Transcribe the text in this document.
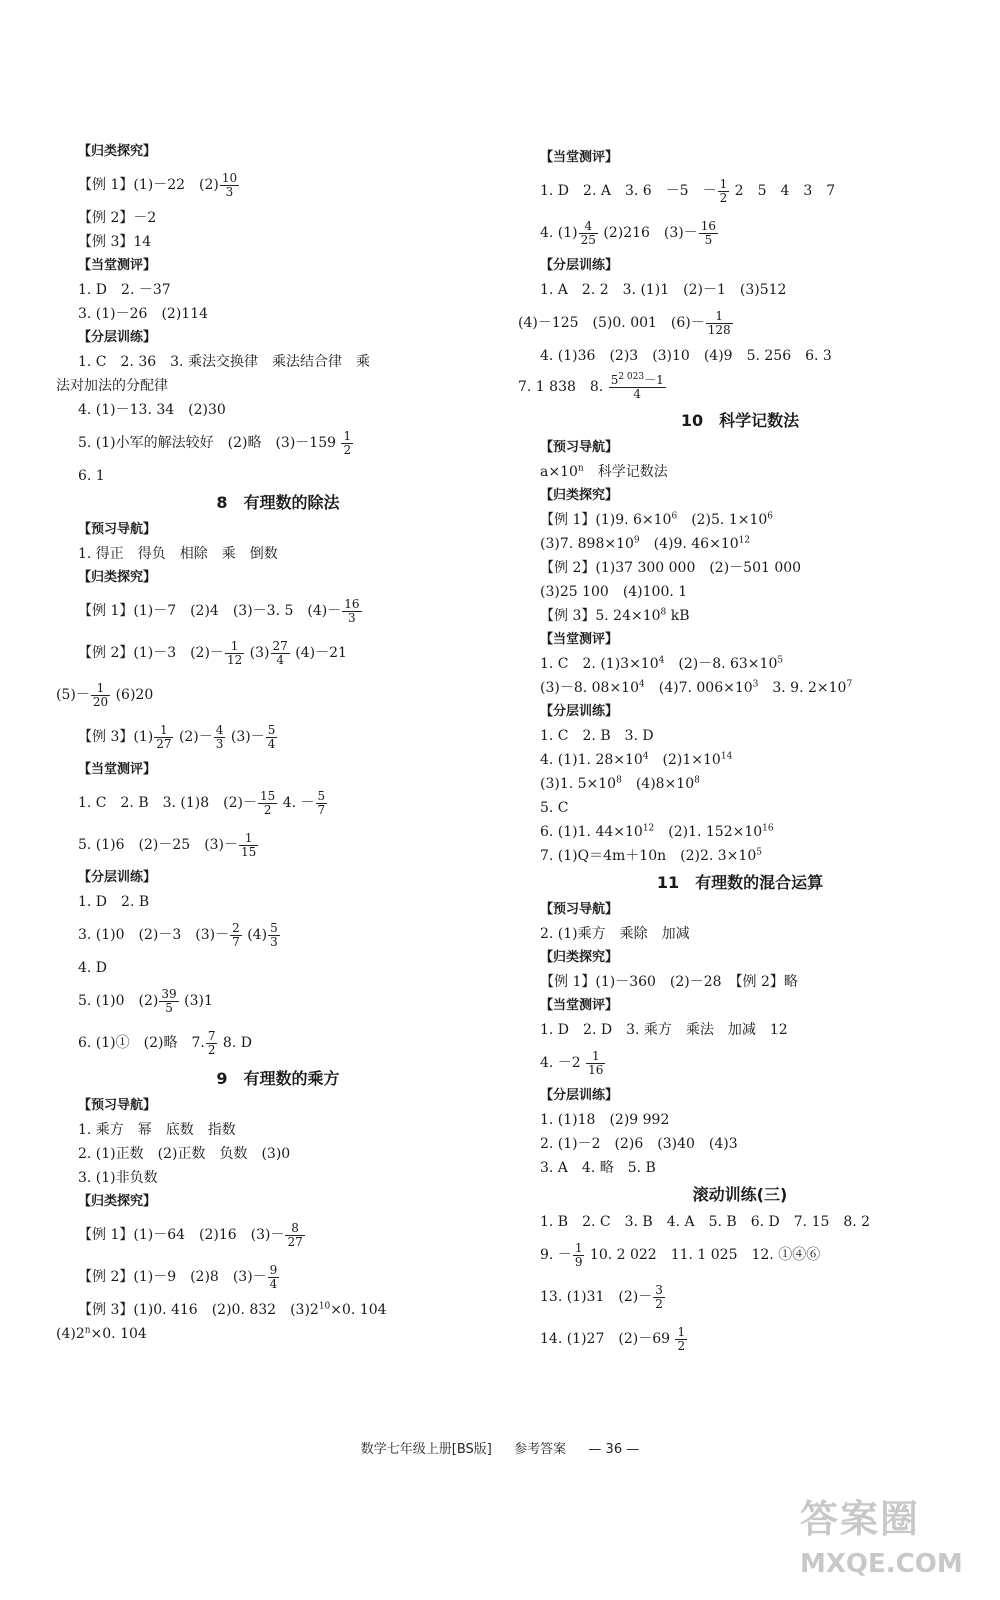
【归类探究】
【例 1】(1)－22　$(2) \frac{10}{3}$
【例 2】－2
【例 3】14
【当堂测评】
1. D　2. －37
3. (1)－26　(2)114
【分层训练】
1. C　2. 36　3. 乘法交换律　乘法结合律　乘
法对加法的分配律
4. (1)－13. 34　(2)30
5. (1)小军的解法较好　(2)略　$(3)-159 \frac{1}{2}$
6. 1
8　有理数的除法
【预习导航】
1. 得正　得负　相除　乘　倒数
【归类探究】
【例 1】(1)－7　(2)4　(3)－3. 5　$(4)- \frac{16}{3}$
【例 2】(1)－3　$(2)- \frac{1}{12} (3) \frac{27}{4} (4)-21$
$(5)- \frac{1}{20} (6)20$
【例 3】$(1) \frac{1}{27} (2)- \frac{4}{3} (3)- \frac{5}{4}$
【当堂测评】
1. C　2. B　3. (1)8　$(2)- \frac{15}{2} 4$. － $\frac{5}{7}$
5. (1)6　(2)－25　$(3)- \frac{1}{15}$
【分层训练】
1. D　2. B
3. (1)0　(2)－3　$(3)- \frac{2}{7} (4) \frac{5}{3}$
4. D
5. (1)0　$(2) \frac{39}{5} (3)1$
6. (1)①　(2)略　7. $\frac{7}{2} 8$. D
9　有理数的乘方
【预习导航】
1. 乘方　幂　底数　指数
2. (1)正数　(2)正数　负数　(3)0
3. (1)非负数
【归类探究】
【例 1】(1)－64　(2)16　$(3)- \frac{8}{27}$
【例 2】(1)－9　(2)8　$(3)- \frac{9}{4}$
【例 3】(1)0. 416　(2)0. 832　$(3)2^{10}\times 0$. 104
$(4)2^n\times 0$. 104
【当堂测评】
1. D　2. A　3. 6　－5　－ $\frac{1}{2} 2$　5　4　3　7
4. $(1) \frac{4}{25} (2)216$　$(3)- \frac{16}{5}$
【分层训练】
1. A　2. 2　3. (1)1　(2)－1　(3)512
(4)－125　(5)0. 001　$(6)- \frac{1}{128}$
4. (1)36　(2)3　(3)10　(4)9　5. 256　6. 3
7. 1 838　8. $\frac{5^{2 023}-1}{4}$
10　科学记数法
【预习导航】
$a\times 10^n$ 科学记数法
【归类探究】
【例 1】(1)9. $6\times 10^6$ (2)5. $1\times 10^6$
(3)7. $898\times 10^9$ (4)9. $46\times 10^{12}$
【例 2】(1)37 300 000　(2)－501 000
(3)25 100　(4)100. 1
【例 3】5. $24\times 10^8$ kB
【当堂测评】
1. C　2. $(1)3\times 10^4$ (2)－8. $63\times 10^5$
(3)－8. $08\times 10^4$ (4)7. $006\times 10^3$ 3. 9. $2\times 10^7$
【分层训练】
1. C　2. B　3. D
4. (1)1. $28\times 10^4$ $(2)1\times 10^{14}$
(3)1. $5\times 10^8$ $(4)8\times 10^8$
5. C
6. (1)1. $44\times 10^{12}$ (2)1. $152\times 10^{16}$
7. (1)Q＝4m＋10n　(2)2. $3\times 10^5$
11　有理数的混合运算
【预习导航】
2. (1)乘方　乘除　加减
【归类探究】
【例 1】(1)－360　(2)－28　【例 2】略
【当堂测评】
1. D　2. D　3. 乘方　乘法　加减　12
4. $-2 \frac{1}{16}$
【分层训练】
1. (1)18　(2)9 992
2. (1)－2　(2)6　(3)40　(4)3
3. A　4. 略　5. B
滚动训练(三)
1. B　2. C　3. B　4. A　5. B　6. D　7. 15　8. 2
9. － $\frac{1}{9} 10$. 2 022　11. 1 025　12. ①④⑥
13. (1)31　$(2)- \frac{3}{2}$
14. (1)27　$(2)-69 \frac{1}{2}$
数学七年级上册[BS版] 参考答案 — 36 —
答案圈
MXQE.COM
